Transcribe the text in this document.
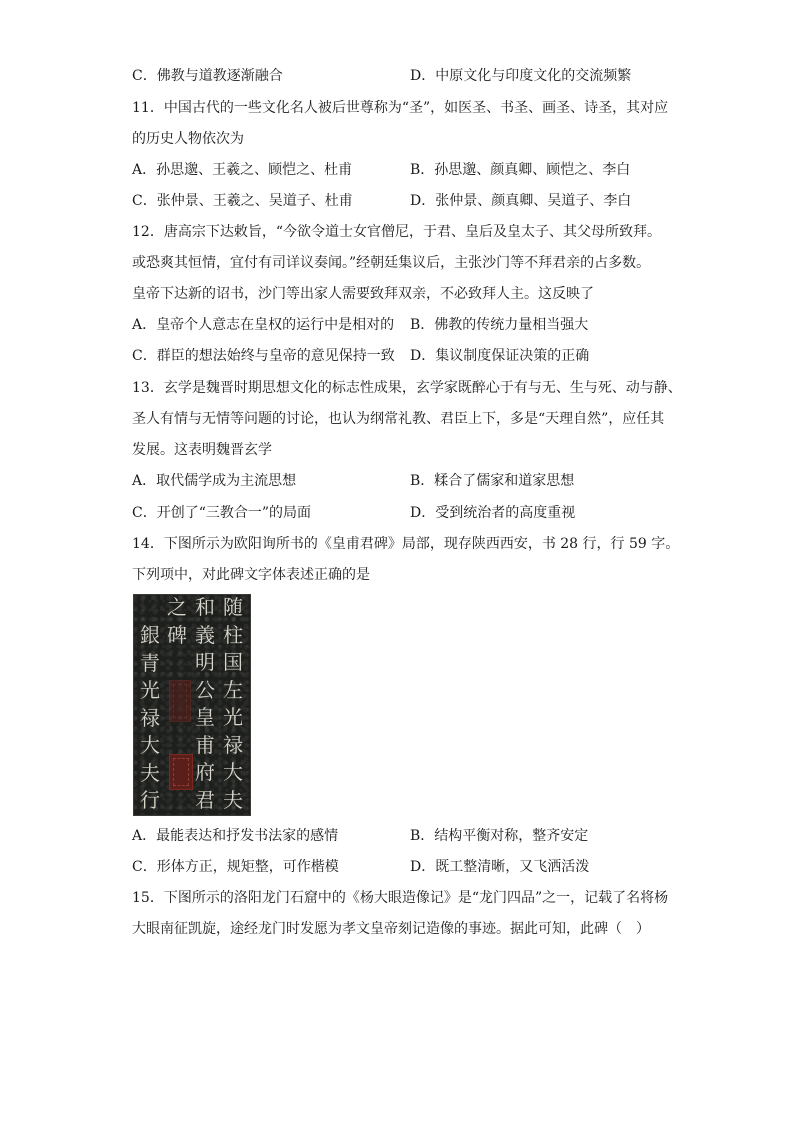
C．佛教与道教逐渐融合	D．中原文化与印度文化的交流频繁
11．中国古代的一些文化名人被后世尊称为“圣”，如医圣、书圣、画圣、诗圣，其对应
的历史人物依次为
A．孙思邈、王羲之、顾恺之、杜甫	B．孙思邈、颜真卿、顾恺之、李白
C．张仲景、王羲之、吴道子、杜甫	D．张仲景、颜真卿、吴道子、李白
12．唐高宗下达敕旨，“今欲令道士女官僧尼，于君、皇后及皇太子、其父母所致拜。
或恐爽其恒情，宜付有司详议奏闻。”经朝廷集议后，主张沙门等不拜君亲的占多数。
皇帝下达新的诏书，沙门等出家人需要致拜双亲，不必致拜人主。这反映了
A．皇帝个人意志在皇权的运行中是相对的 B．佛教的传统力量相当强大
C．群臣的想法始终与皇帝的意见保持一致 D．集议制度保证决策的正确
13．玄学是魏晋时期思想文化的标志性成果，玄学家既醉心于有与无、生与死、动与静、
圣人有情与无情等问题的讨论，也认为纲常礼教、君臣上下，多是“天理自然”，应任其
发展。这表明魏晋玄学
A．取代儒学成为主流思想	B．糅合了儒家和道家思想
C．开创了“三教合一”的局面	D．受到统治者的高度重视
14．下图所示为欧阳询所书的《皇甫君碑》局部，现存陕西西安，书 28 行，行 59 字。
下列项中，对此碑文字体表述正确的是
随
柱
国
左
光
禄
大
夫
和
義
明
公
皇
甫
府
君
之
碑
銀
青
光
禄
大
夫
行
A．最能表达和抒发书法家的感情	B．结构平衡对称，整齐安定
C．形体方正，规矩整，可作楷模	D．既工整清晰，又飞洒活泼
15．下图所示的洛阳龙门石窟中的《杨大眼造像记》是“龙门四品”之一，记载了名将杨
大眼南征凯旋，途经龙门时发愿为孝文皇帝刻记造像的事迹。据此可知，此碑（　）
